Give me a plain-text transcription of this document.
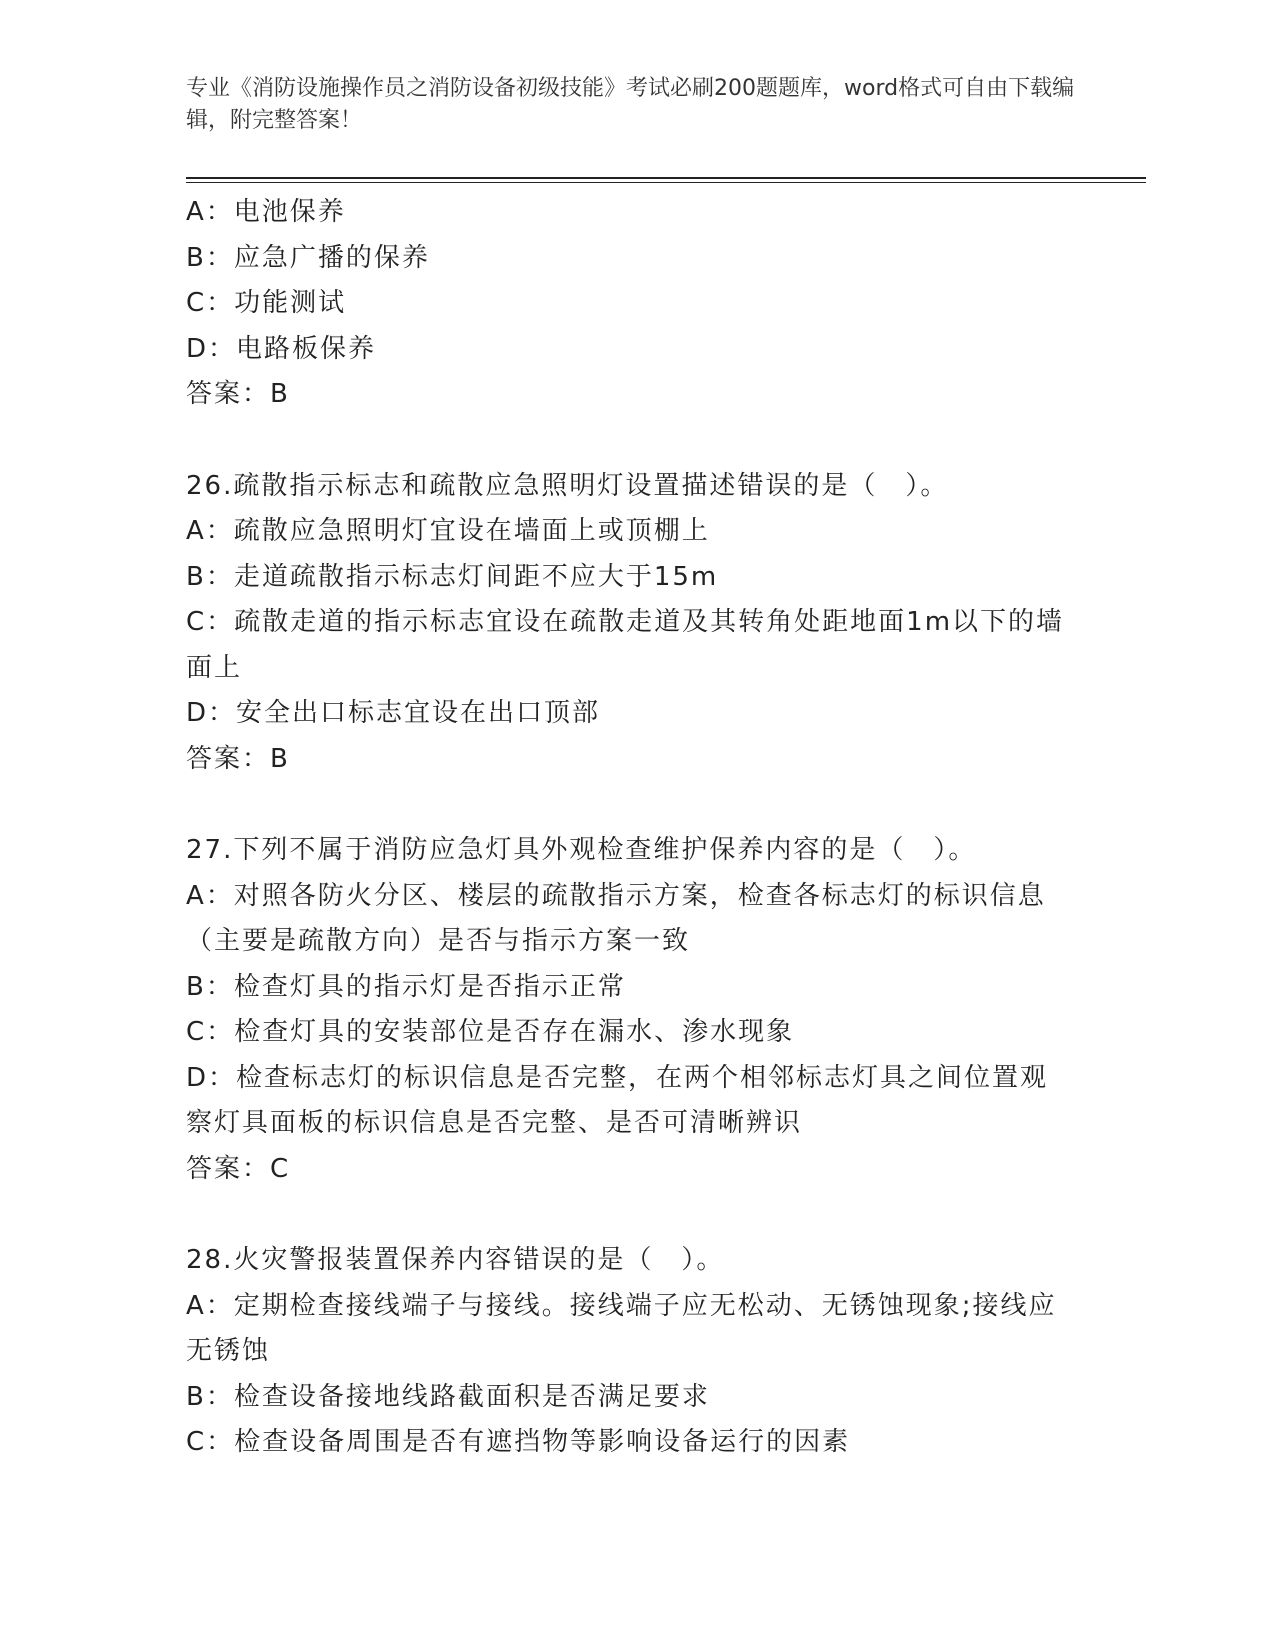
专业《消防设施操作员之消防设备初级技能》考试必刷200题题库，word格式可自由下载编辑，附完整答案！
A：电池保养
B：应急广播的保养
C：功能测试
D：电路板保养
答案：B
26.疏散指示标志和疏散应急照明灯设置描述错误的是（　）。
A：疏散应急照明灯宜设在墙面上或顶棚上
B：走道疏散指示标志灯间距不应大于15m
C：疏散走道的指示标志宜设在疏散走道及其转角处距地面1m以下的墙面上
D：安全出口标志宜设在出口顶部
答案：B
27.下列不属于消防应急灯具外观检查维护保养内容的是（　）。
A：对照各防火分区、楼层的疏散指示方案，检查各标志灯的标识信息（主要是疏散方向）是否与指示方案一致
B：检查灯具的指示灯是否指示正常
C：检查灯具的安装部位是否存在漏水、渗水现象
D：检查标志灯的标识信息是否完整，在两个相邻标志灯具之间位置观察灯具面板的标识信息是否完整、是否可清晰辨识
答案：C
28.火灾警报装置保养内容错误的是（　）。
A：定期检查接线端子与接线。接线端子应无松动、无锈蚀现象;接线应无锈蚀
B：检查设备接地线路截面积是否满足要求
C：检查设备周围是否有遮挡物等影响设备运行的因素
